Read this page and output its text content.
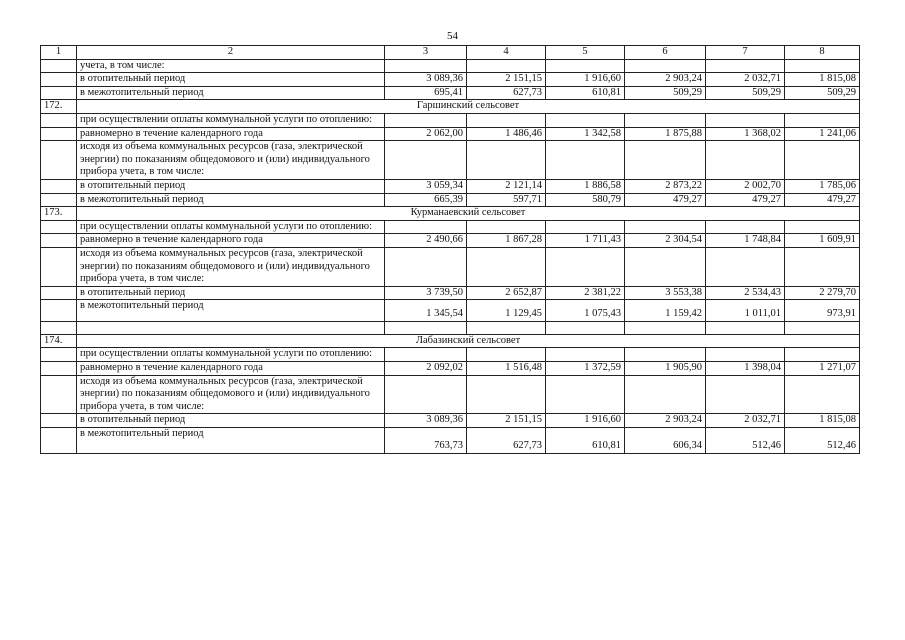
54
1	2	3	4	5	6	7	8
	учета, в том числе:						
	в отопительный период	3 089,36	2 151,15	1 916,60	2 903,24	2 032,71	1 815,08
	в межотопительный период	695,41	627,73	610,81	509,29	509,29	509,29
172.	Гаршинский сельсовет						
	при осуществлении оплаты коммунальной услуги по отоплению:						
	равномерно в течение календарного года	2 062,00	1 486,46	1 342,58	1 875,88	1 368,02	1 241,06
	исходя из объема коммунальных ресурсов (газа, электрической энергии) по показаниям общедомового и (или) индивидуального прибора учета, в том числе:						
	в отопительный период	3 059,34	2 121,14	1 886,58	2 873,22	2 002,70	1 785,06
	в межотопительный период	665,39	597,71	580,79	479,27	479,27	479,27
173.	Курманаевский сельсовет						
	при осуществлении оплаты коммунальной услуги по отоплению:						
	равномерно в течение календарного года	2 490,66	1 867,28	1 711,43	2 304,54	1 748,84	1 609,91
	исходя из объема коммунальных ресурсов (газа, электрической энергии) по показаниям общедомового и (или) индивидуального прибора учета, в том числе:						
	в отопительный период	3 739,50	2 652,87	2 381,22	3 553,38	2 534,43	2 279,70
	в межотопительный период	1 345,54	1 129,45	1 075,43	1 159,42	1 011,01	973,91

174.	Лабазинский сельсовет						
	при осуществлении оплаты коммунальной услуги по отоплению:						
	равномерно в течение календарного года	2 092,02	1 516,48	1 372,59	1 905,90	1 398,04	1 271,07
	исходя из объема коммунальных ресурсов (газа, электрической энергии) по показаниям общедомового и (или) индивидуального прибора учета, в том числе:						
	в отопительный период	3 089,36	2 151,15	1 916,60	2 903,24	2 032,71	1 815,08
	в межотопительный период	763,73	627,73	610,81	606,34	512,46	512,46
